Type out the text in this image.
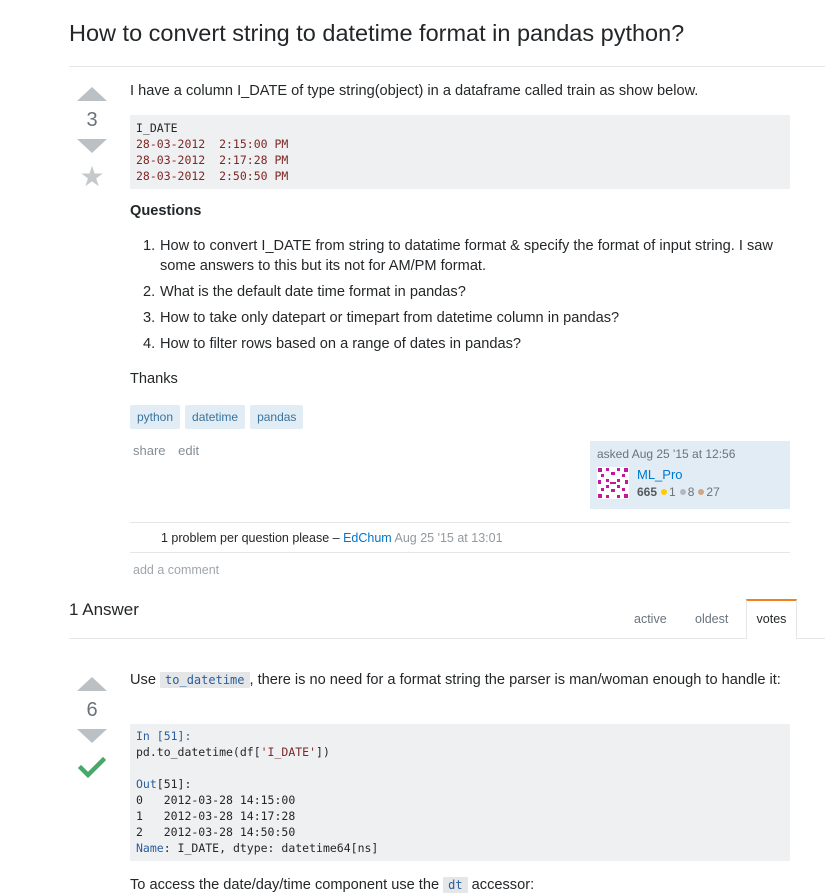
How to convert string to datetime format in pandas python?
3
★

I have a column I_DATE of type string(object) in a dataframe called train as show below.

I_DATE
28-03-2012  2:15:00 PM
28-03-2012  2:17:28 PM
28-03-2012  2:50:50 PM

Questions

1. How to convert I_DATE from string to datatime format & specify the format of input string. I saw some answers to this but its not for AM/PM format.
2. What is the default date time format in pandas?
3. How to take only datepart or timepart from datetime column in pandas?
4. How to filter rows based on a range of dates in pandas?

Thanks

python	datetime	pandas
share edit	asked Aug 25 '15 at 12:56
ML_Pro
665 1 8 27
1 problem per question please – EdChum Aug 25 '15 at 13:01
add a comment
1 Answer	active oldest	votes
6

Use to_datetime , there is no need for a format string the parser is man/woman enough to handle it:

In [51]:
pd.to_datetime(df['I_DATE'])

Out[51]:
0   2012-03-28 14:15:00
1   2012-03-28 14:17:28
2   2012-03-28 14:50:50
Name: I_DATE, dtype: datetime64[ns]

To access the date/day/time component use the dt accessor:
